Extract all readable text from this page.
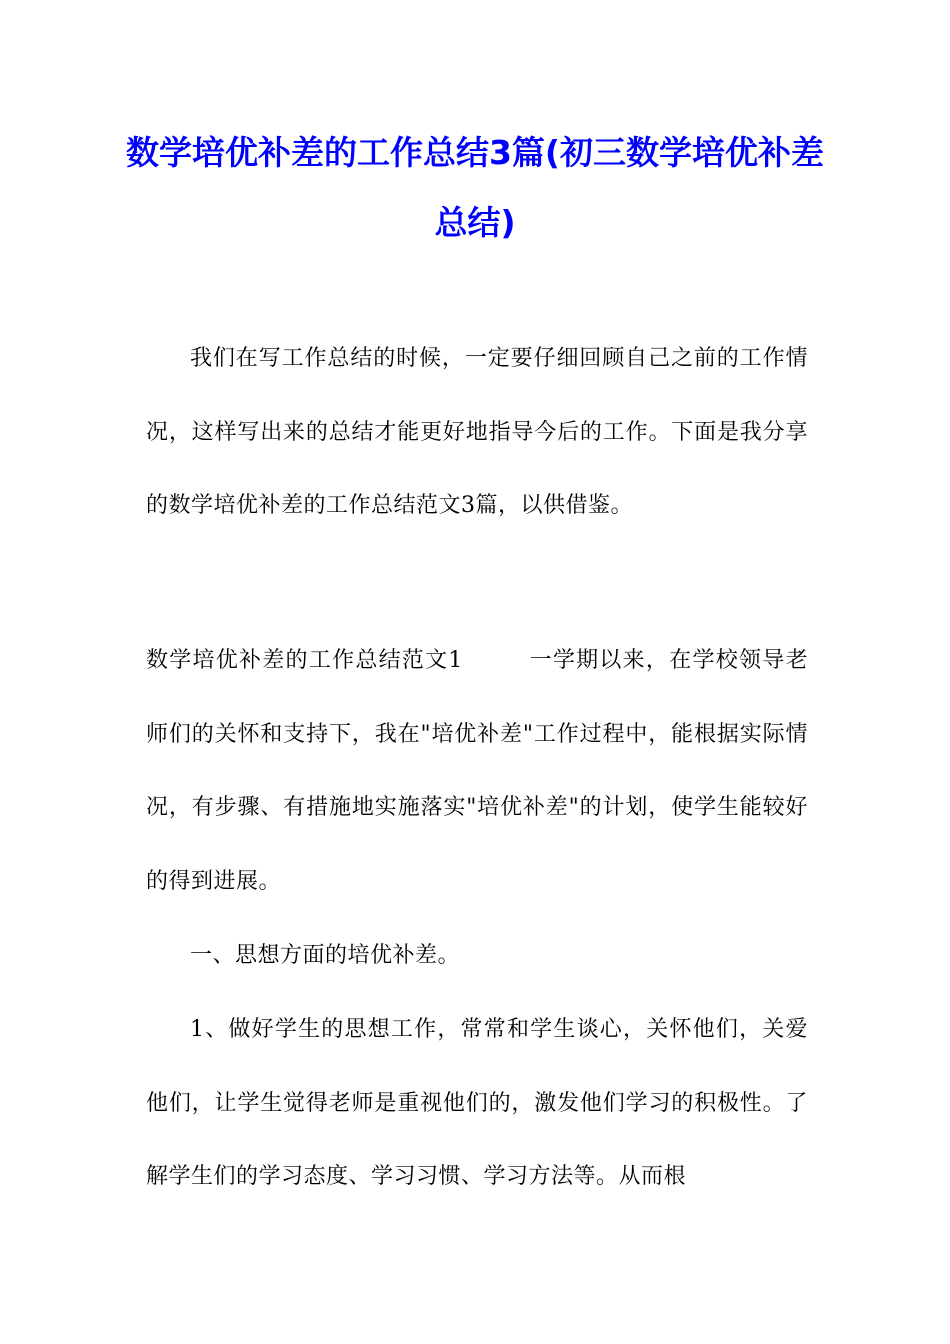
数学培优补差的工作总结3篇(初三数学培优补差总结)

我们在写工作总结的时候，一定要仔细回顾自己之前的工作情况，这样写出来的总结才能更好地指导今后的工作。下面是我分享的数学培优补差的工作总结范文3篇，以供借鉴。

数学培优补差的工作总结范文1	一学期以来，在学校领导老师们的关怀和支持下，我在"培优补差"工作过程中，能根据实际情况，有步骤、有措施地实施落实"培优补差"的计划，使学生能较好的得到进展。

一、思想方面的培优补差。

1、做好学生的思想工作，常常和学生谈心，关怀他们，关爱他们，让学生觉得老师是重视他们的，激发他们学习的积极性。了解学生们的学习态度、学习习惯、学习方法等。从而根
